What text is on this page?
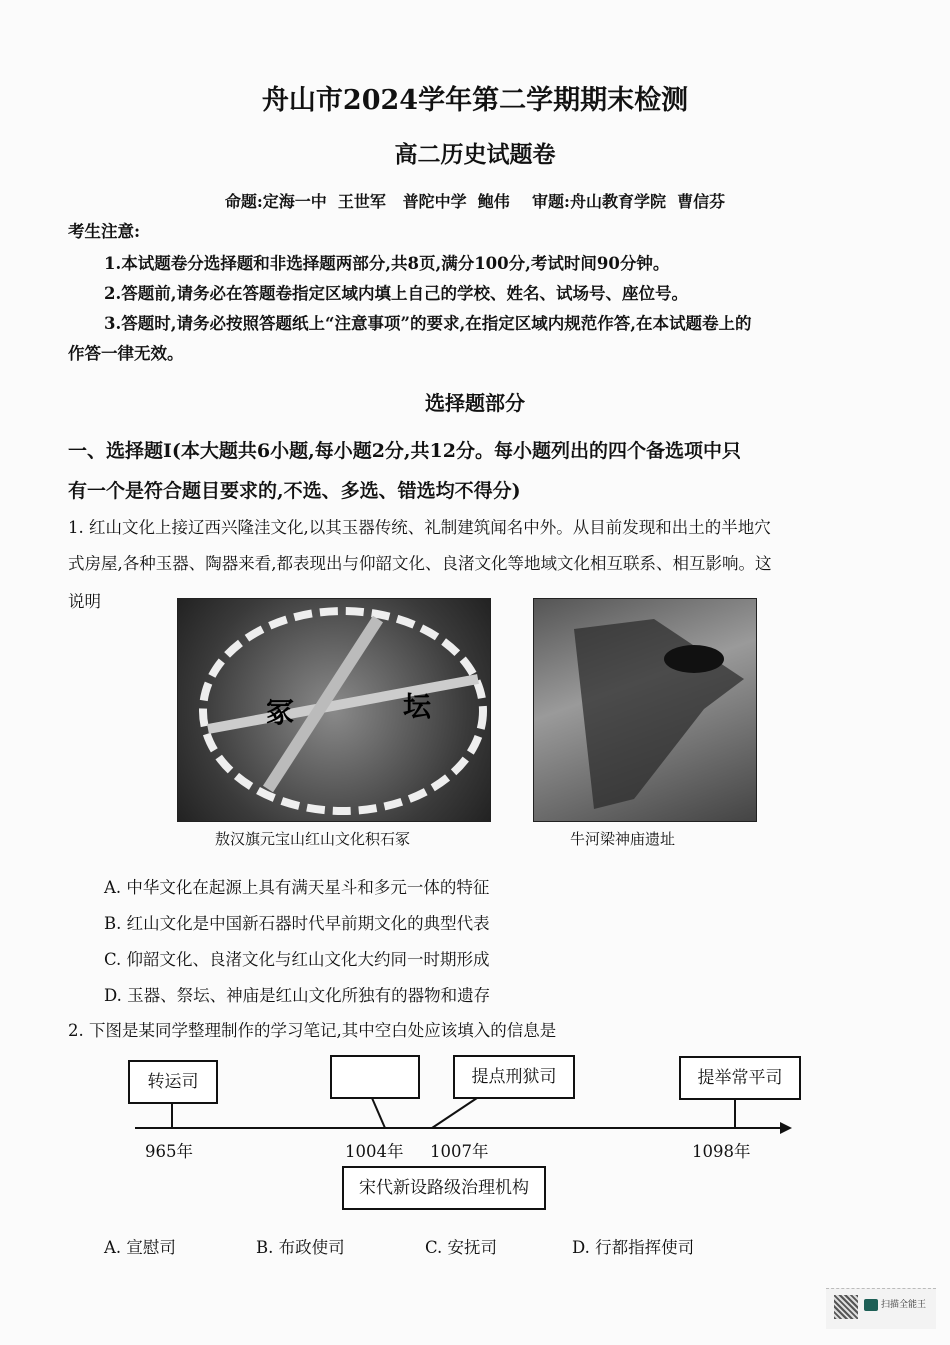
舟山市2024学年第二学期期末检测
高二历史试题卷
命题:定海一中  王世军   普陀中学  鲍伟    审题:舟山教育学院  曹信芬
考生注意:
1.本试题卷分选择题和非选择题两部分,共8页,满分100分,考试时间90分钟。
2.答题前,请务必在答题卷指定区域内填上自己的学校、姓名、试场号、座位号。
3.答题时,请务必按照答题纸上“注意事项”的要求,在指定区域内规范作答,在本试题卷上的
作答一律无效。
选择题部分
一、选择题Ⅰ(本大题共6小题,每小题2分,共12分。每小题列出的四个备选项中只
有一个是符合题目要求的,不选、多选、错选均不得分)
1. 红山文化上接辽西兴隆洼文化,以其玉器传统、礼制建筑闻名中外。从目前发现和出土的半地穴
式房屋,各种玉器、陶器来看,都表现出与仰韶文化、良渚文化等地域文化相互联系、相互影响。这
说明
冢	坛
敖汉旗元宝山红山文化积石冢	牛河梁神庙遗址
A. 中华文化在起源上具有满天星斗和多元一体的特征
B. 红山文化是中国新石器时代早前期文化的典型代表
C. 仰韶文化、良渚文化与红山文化大约同一时期形成
D. 玉器、祭坛、神庙是红山文化所独有的器物和遗存
2. 下图是某同学整理制作的学习笔记,其中空白处应该填入的信息是
转运司	提点刑狱司	提举常平司
965年	1004年 1007年	1098年
宋代新设路级治理机构
A. 宣慰司	B. 布政使司	C. 安抚司	D. 行都指挥使司
扫描全能王
